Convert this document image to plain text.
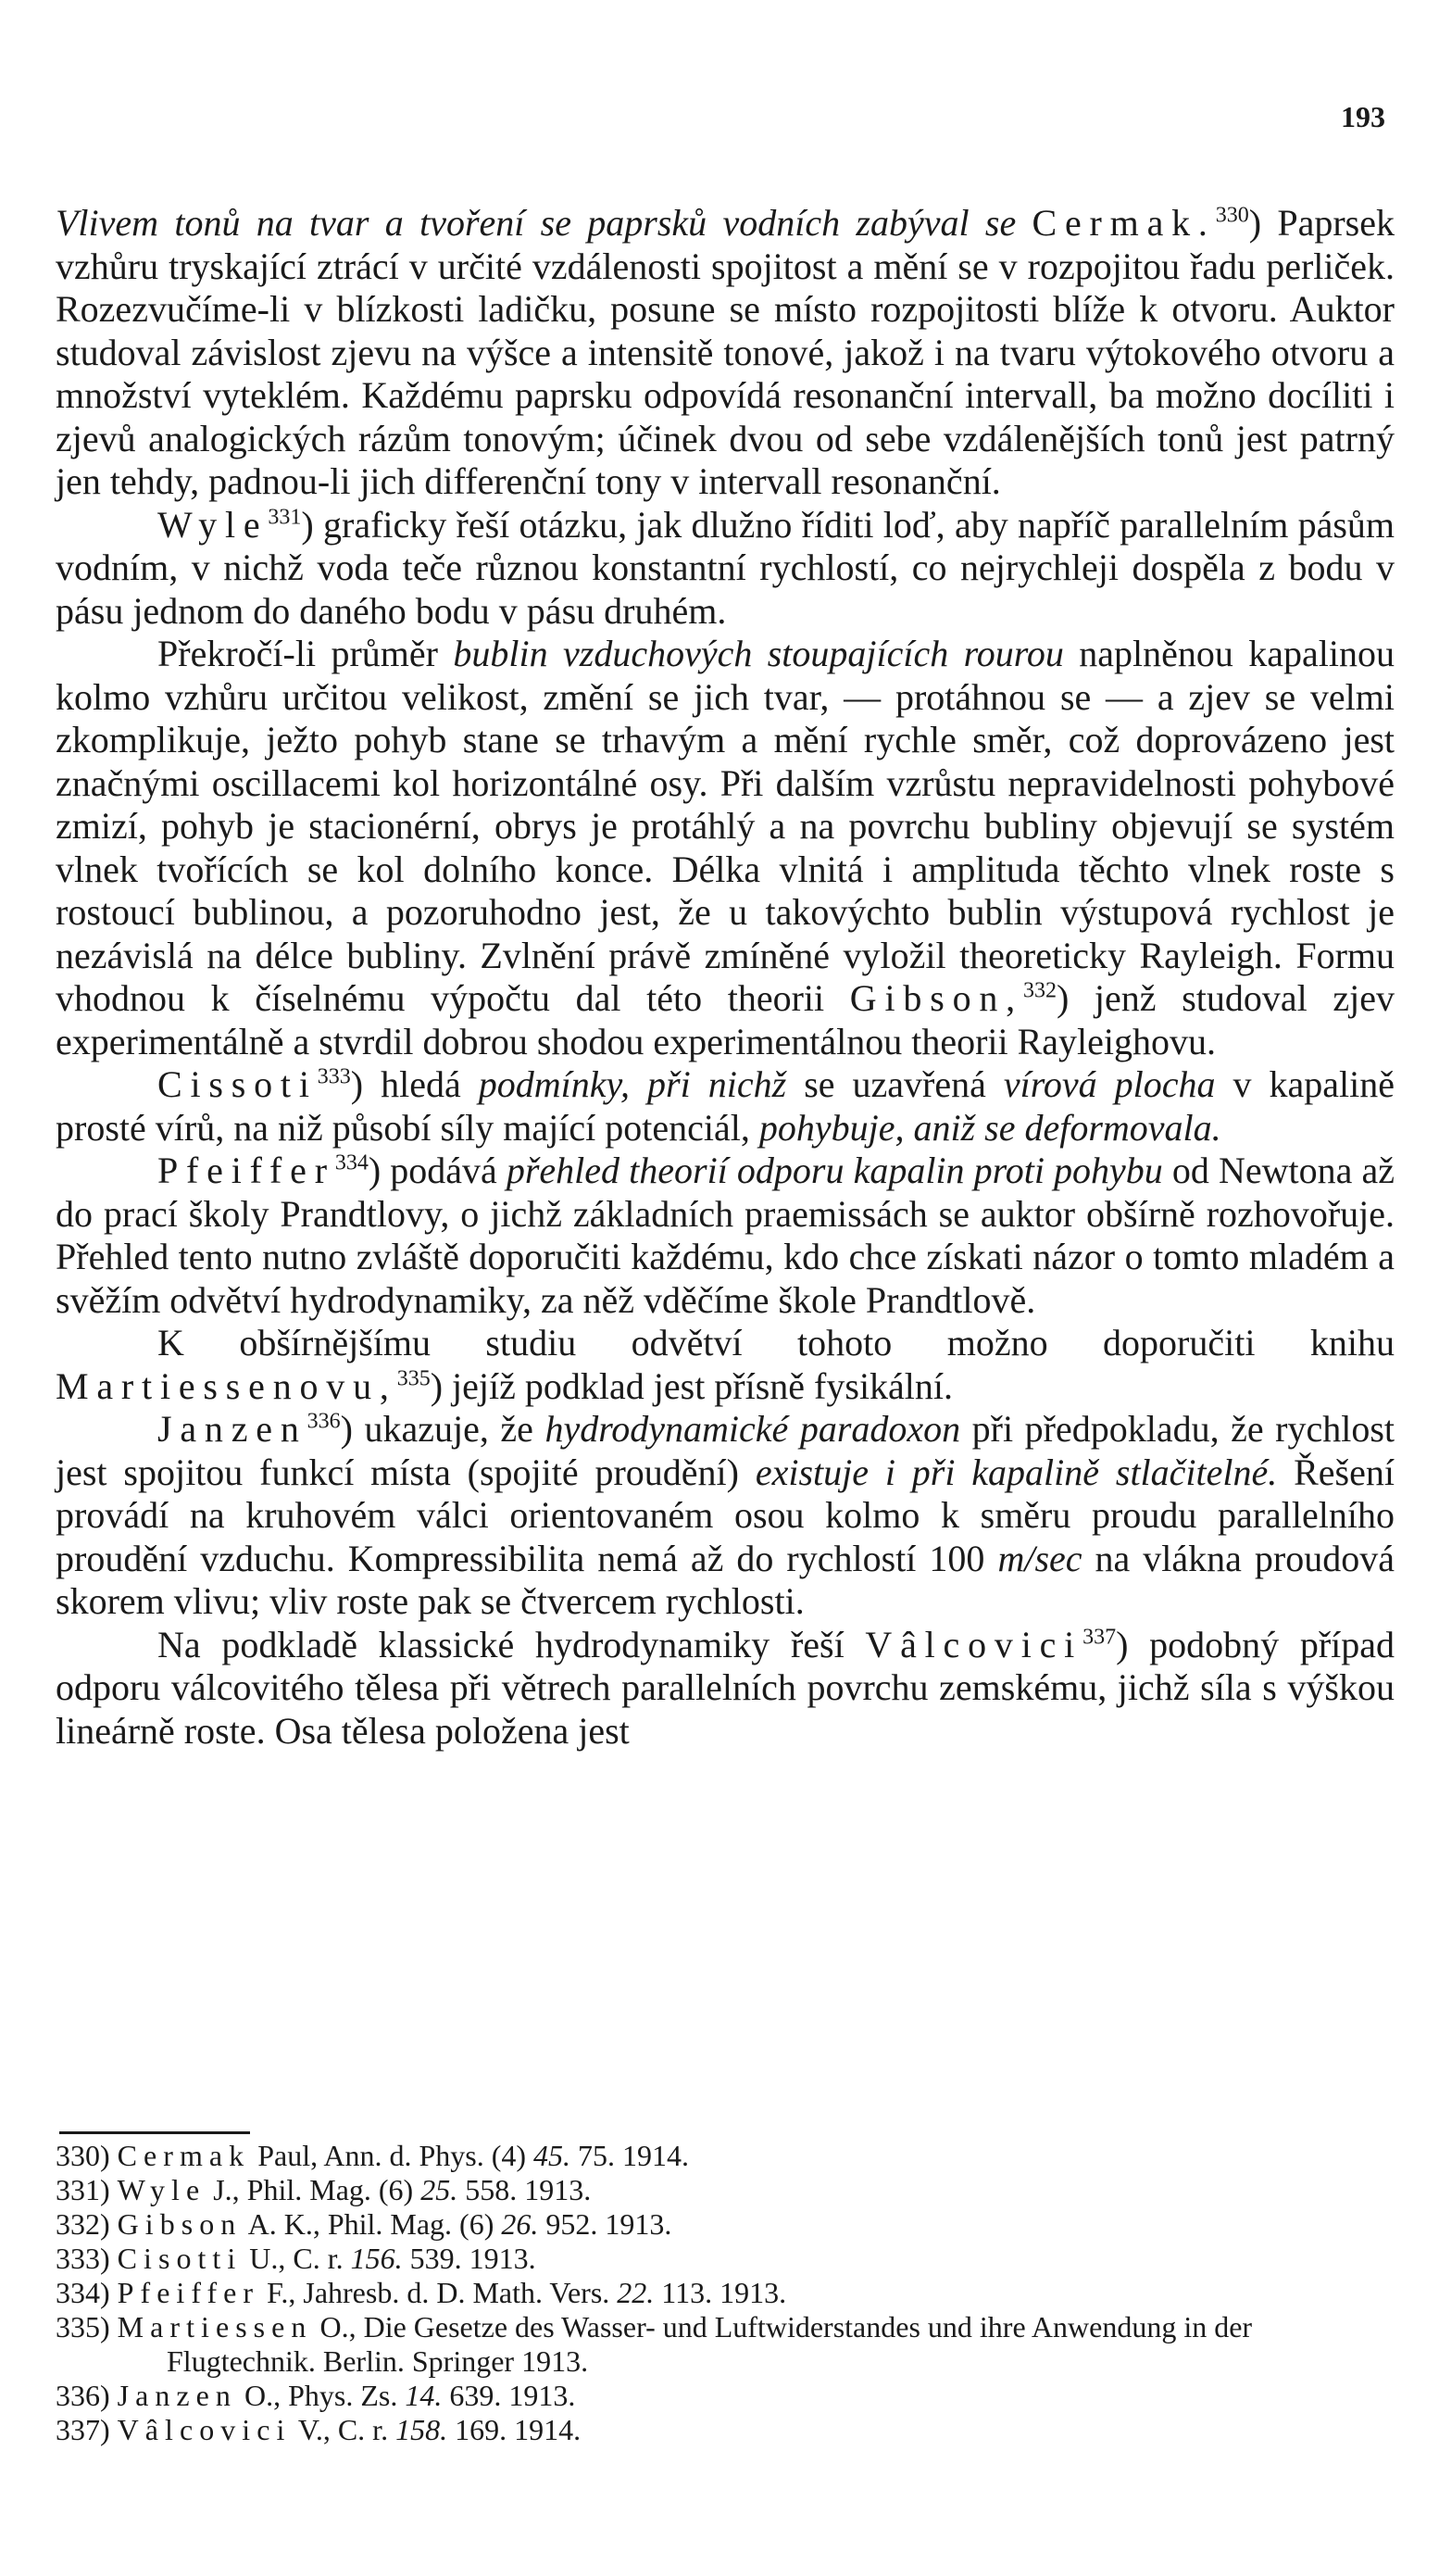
193

Vlivem tonů na tvar a tvoření se paprsků vodních zabýval se Cermak.$^{330}$) Paprsek vzhůru tryskající ztrácí v určité vzdálenosti spojitost a mění se v rozpojitou řadu perliček. Rozezvučíme-li v blízkosti ladičku, posune se místo rozpojitosti blíže k otvoru. Auktor studoval závislost zjevu na výšce a intensitě tonové, jakož i na tvaru výtokového otvoru a množství vyteklém. Každému paprsku odpovídá resonanční intervall, ba možno docíliti i zjevů analogických rázům tonovým; účinek dvou od sebe vzdálenějších tonů jest patrný jen tehdy, padnou-li jich differenční tony v intervall resonanční.

Wyle$^{331}$) graficky řeší otázku, jak dlužno říditi loď, aby napříč parallelním pásům vodním, v nichž voda teče různou konstantní rychlostí, co nejrychleji dospěla z bodu v pásu jednom do daného bodu v pásu druhém.

Překročí-li průměr bublin vzduchových stoupajících rourou naplněnou kapalinou kolmo vzhůru určitou velikost, změní se jich tvar, — protáhnou se — a zjev se velmi zkomplikuje, ježto pohyb stane se trhavým a mění rychle směr, což doprovázeno jest značnými oscillacemi kol horizontálné osy. Při dalším vzrůstu nepravidelnosti pohybové zmizí, pohyb je stacionérní, obrys je protáhlý a na povrchu bubliny objevují se systém vlnek tvořících se kol dolního konce. Délka vlnitá i amplituda těchto vlnek roste s rostoucí bublinou, a pozoruhodno jest, že u takovýchto bublin výstupová rychlost je nezávislá na délce bubliny. Zvlnění právě zmíněné vyložil theoreticky Rayleigh. Formu vhodnou k číselnému výpočtu dal této theorii Gibson,$^{332}$) jenž studoval zjev experimentálně a stvrdil dobrou shodou experimentálnou theorii Rayleighovu.

Cissoti$^{333}$) hledá podmínky, při nichž se uzavřená vírová plocha v kapalině prosté vírů, na niž působí síly mající potenciál, pohybuje, aniž se deformovala.

Pfeiffer$^{334}$) podává přehled theorií odporu kapalin proti pohybu od Newtona až do prací školy Prandtlovy, o jichž základních praemissách se auktor obšírně rozhovořuje. Přehled tento nutno zvláště doporučiti každému, kdo chce získati názor o tomto mladém a svěžím odvětví hydrodynamiky, za něž vděčíme škole Prandtlově.

K obšírnějšímu studiu odvětví tohoto možno doporučiti knihu Martiessenovu,$^{335}$) jejíž podklad jest přísně fysikální.

Janzen$^{336}$) ukazuje, že hydrodynamické paradoxon při předpokladu, že rychlost jest spojitou funkcí místa (spojité proudění) existuje i při kapalině stlačitelné. Řešení provádí na kruhovém válci orientovaném osou kolmo k směru proudu parallelního proudění vzduchu. Kompressibilita nemá až do rychlostí 100 m/sec na vlákna proudová skorem vlivu; vliv roste pak se čtvercem rychlosti.

Na podkladě klassické hydrodynamiky řeší Vâlcovici$^{337}$) podobný případ odporu válcovitého tělesa při větrech parallelních povrchu zemskému, jichž síla s výškou lineárně roste. Osa tělesa položena jest

330) Cermak Paul, Ann. d. Phys. (4) 45. 75. 1914.

331) Wyle J., Phil. Mag. (6) 25. 558. 1913.

332) Gibson A. K., Phil. Mag. (6) 26. 952. 1913.

333) Cisotti U., C. r. 156. 539. 1913.

334) Pfeiffer F., Jahresb. d. D. Math. Vers. 22. 113. 1913.

335) Martiessen O., Die Gesetze des Wasser- und Luftwiderstandes und ihre Anwendung in der Flugtechnik. Berlin. Springer 1913.

336) Janzen O., Phys. Zs. 14. 639. 1913.

337) Vâlcovici V., C. r. 158. 169. 1914.
